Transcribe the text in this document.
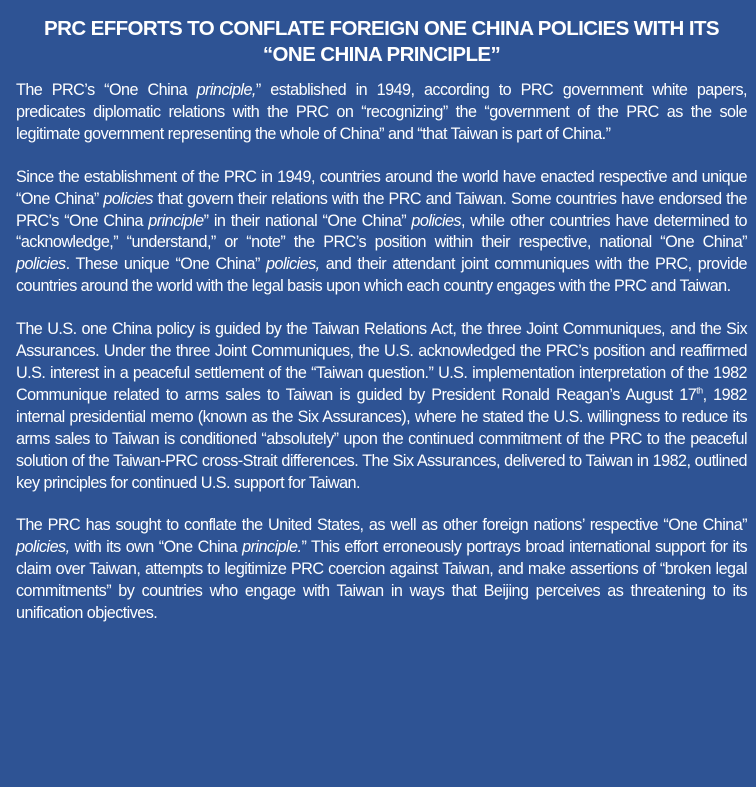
PRC EFFORTS TO CONFLATE FOREIGN ONE CHINA POLICIES WITH ITS “ONE CHINA PRINCIPLE”

The PRC’s “One China principle,” established in 1949, according to PRC government white papers, predicates diplomatic relations with the PRC on “recognizing” the “government of the PRC as the sole legitimate government representing the whole of China” and “that Taiwan is part of China.”

Since the establishment of the PRC in 1949, countries around the world have enacted respective and unique “One China” policies that govern their relations with the PRC and Taiwan. Some countries have endorsed the PRC’s “One China principle” in their national “One China” policies, while other countries have determined to “acknowledge,” “understand,” or “note” the PRC’s position within their respective, national “One China” policies. These unique “One China” policies, and their attendant joint communiques with the PRC, provide countries around the world with the legal basis upon which each country engages with the PRC and Taiwan.

The U.S. one China policy is guided by the Taiwan Relations Act, the three Joint Communiques, and the Six Assurances. Under the three Joint Communiques, the U.S. acknowledged the PRC’s position and reaffirmed U.S. interest in a peaceful settlement of the “Taiwan question.” U.S. implementation interpretation of the 1982 Communique related to arms sales to Taiwan is guided by President Ronald Reagan’s August 17th, 1982 internal presidential memo (known as the Six Assurances), where he stated the U.S. willingness to reduce its arms sales to Taiwan is conditioned “absolutely” upon the continued commitment of the PRC to the peaceful solution of the Taiwan-PRC cross-Strait differences. The Six Assurances, delivered to Taiwan in 1982, outlined key principles for continued U.S. support for Taiwan.

The PRC has sought to conflate the United States, as well as other foreign nations’ respective “One China” policies, with its own “One China principle.” This effort erroneously portrays broad international support for its claim over Taiwan, attempts to legitimize PRC coercion against Taiwan, and make assertions of “broken legal commitments” by countries who engage with Taiwan in ways that Beijing perceives as threatening to its unification objectives.
